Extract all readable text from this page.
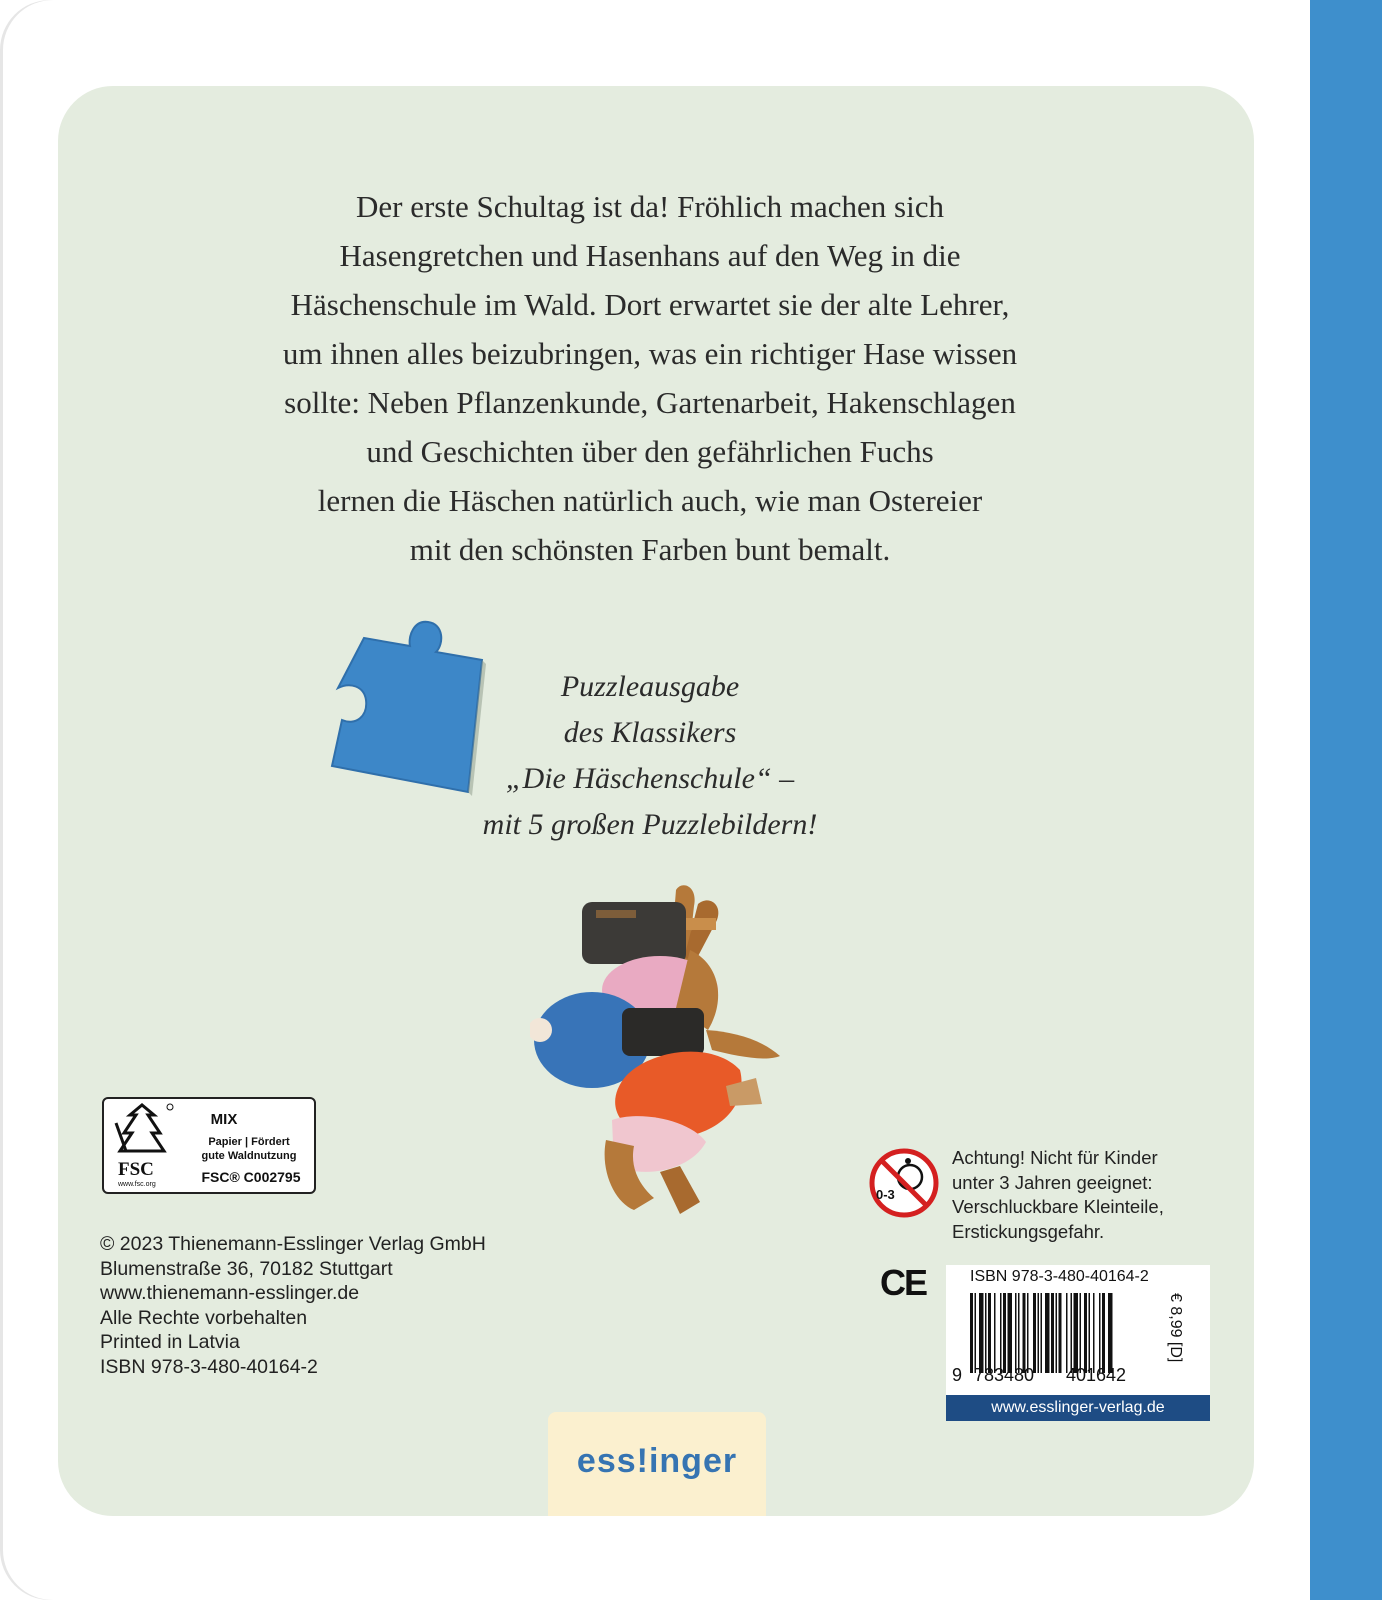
Der erste Schultag ist da! Fröhlich machen sich
Hasengretchen und Hasenhans auf den Weg in die
Häschenschule im Wald. Dort erwartet sie der alte Lehrer,
um ihnen alles beizubringen, was ein richtiger Hase wissen
sollte: Neben Pflanzenkunde, Gartenarbeit, Hakenschlagen
und Geschichten über den gefährlichen Fuchs
lernen die Häschen natürlich auch, wie man Ostereier
mit den schönsten Farben bunt bemalt.

Puzzleausgabe
des Klassikers
„Die Häschenschule“ –
mit 5 großen Puzzlebildern!

FSC
www.fsc.org
MIX
Papier | Fördert
gute Waldnutzung
FSC® C002795

© 2023 Thienemann-Esslinger Verlag GmbH
Blumenstraße 36, 70182 Stuttgart
www.thienemann-esslinger.de
Alle Rechte vorbehalten
Printed in Latvia
ISBN 978-3-480-40164-2

0-3

Achtung! Nicht für Kinder
unter 3 Jahren geeignet:
Verschluckbare Kleinteile,
Erstickungsgefahr.

CE	ISBN 978-3-480-40164-2
9 783480 401642
€ 8,99 [D]
www.esslinger-verlag.de
ess!inger
